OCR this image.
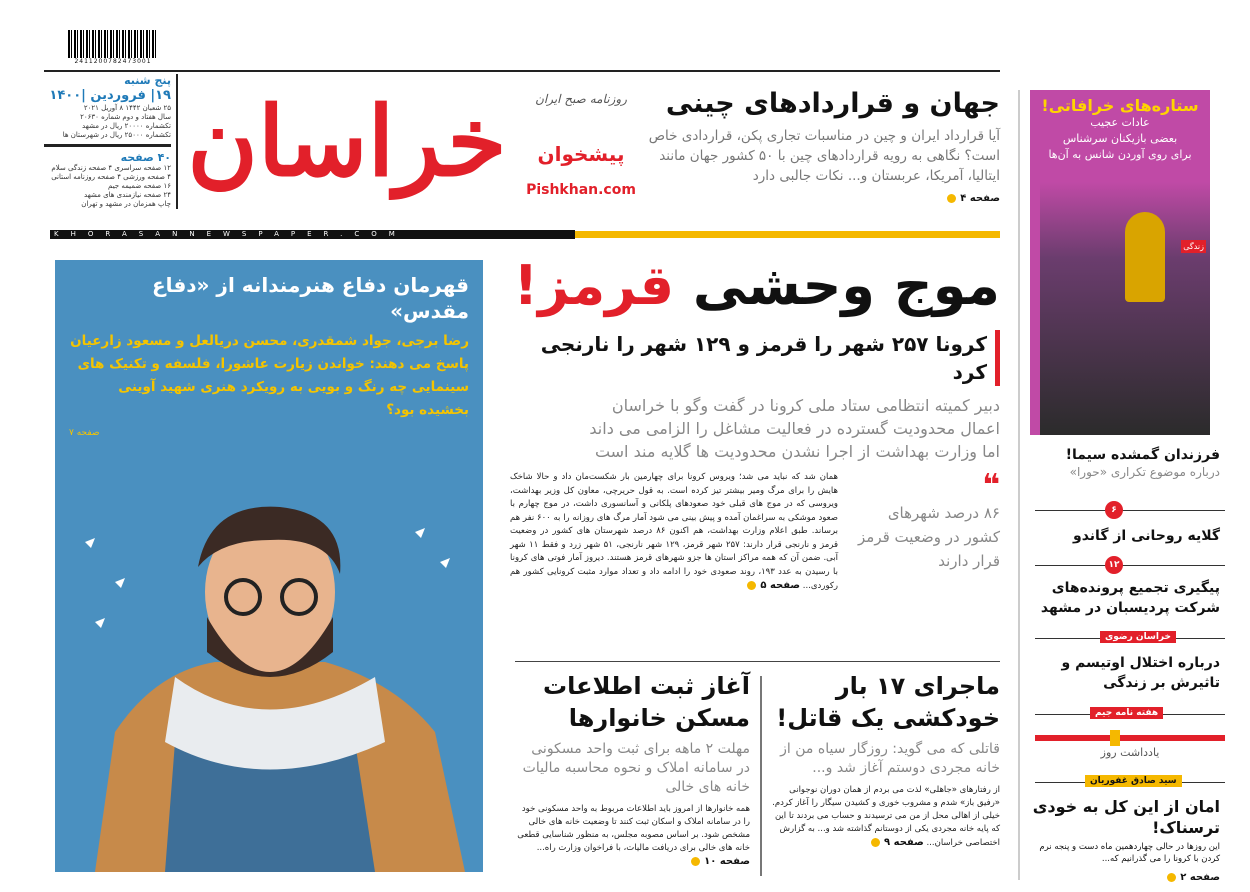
2411200782473001
پنج شنبه
۱۹| فروردین |۱۴۰۰
۲۵ شعبان ۱۴۴۲ ۸ آوریل ۲۰۲۱
سال هفتاد و دوم شماره ۲۰۶۳۰
تکشماره ۲۰۰۰۰ ریال در مشهد
تکشماره ۲۵۰۰۰ ریال در شهرستان ها
۴۰ صفحه
۱۲ صفحه سراسری ۴ صفحه زندگی سلام
۴ صفحه ورزشی ۴ صفحه روزنامه استانی
۱۶ صفحه ضمیمه جیم
۲۴ صفحه نیازمندی های مشهد
چاپ همزمان در مشهد و تهران
خراسان	روزنامه صبح ایران
پیشخوان
Pishkhan.com
جهان و قراردادهای چینی

آیا قرارداد ایران و چین در مناسبات تجاری پکن، قراردادی خاص است؟ نگاهی به رویه قراردادهای چین با ۵۰ کشور جهان مانند ایتالیا، آمریکا، عربستان و... نکات جالبی دارد

صفحه ۴
KHORASANNEWSPAPER.COM
ستاره‌های خرافاتی!
عادات عجیب
بعضی بازیکنان سرشناس
برای روی آوردن شانس به آن‌ها
زندگی
فرزندان گمشده سیما!
درباره موضوع تکراری «حورا»
۶
گلایه روحانی از گاندو
۱۲
پیگیری تجمیع پرونده‌های شرکت پردیسبان در مشهد
خراسان رضوی
درباره اختلال اوتیسم و تاثیرش بر زندگی
هفته نامه جیم
یادداشت روز
سید صادق غفوریان
امان از این کل به خودی ترسناک!
این روزها در حالی چهاردهمین ماه دست و پنجه نرم کردن با کرونا را می گذرانیم که...
صفحه ۲
قهرمان دفاع هنرمندانه از «دفاع مقدس»
رضا برجی، جواد شمقدری، محسن دریالعل و مسعود زارعیان پاسخ می دهند: خواندن زیارت عاشورا، فلسفه و تکنیک های سینمایی چه رنگ و بویی به رویکرد هنری شهید آوینی بخشیده بود؟
صفحه ۷
موج وحشی قرمز!
کرونا ۲۵۷ شهر را قرمز و ۱۲۹ شهر را نارنجی کرد
دبیر کمیته انتظامی ستاد ملی کرونا در گفت وگو با خراسان
اعمال محدودیت گسترده در فعالیت مشاغل را الزامی می داند
اما وزارت بهداشت از اجرا نشدن محدودیت ها گلایه مند است
❝
۸۶ درصد شهرهای کشور در وضعیت قرمز قرار دارند
همان شد که نباید می شد؛ ویروس کرونا برای چهارمین بار شکست‌مان داد و حالا شاخک هایش را برای مرگ ومیر بیشتر تیز کرده است. به قول حریرچی، معاون کل وزیر بهداشت، ویروسی که در موج های قبلی خود صعودهای پلکانی و آسانسوری داشت، در موج چهارم با صعود موشکی به سراغمان آمده و پیش بینی می شود آمار مرگ های روزانه را به ۶۰۰ نفر هم برساند. طبق اعلام وزارت بهداشت، هم اکنون ۸۶ درصد شهرستان های کشور در وضعیت قرمز و نارنجی قرار دارند: ۲۵۷ شهر قرمز، ۱۲۹ شهر نارنجی، ۵۱ شهر زرد و فقط ۱۱ شهر آبی. ضمن آن که همه مراکز استان ها جزو شهرهای قرمز هستند. دیروز آمار فوتی های کرونا با رسیدن به عدد ۱۹۳، روند صعودی خود را ادامه داد و تعداد موارد مثبت کرونایی کشور هم رکوردی... صفحه ۵
ماجرای ۱۷ بار خودکشی یک قاتل!
قاتلی که می گوید: روزگار سیاه من از خانه مجردی دوستم آغاز شد و...
از رفتارهای «جاهلی» لذت می بردم از همان دوران نوجوانی «رفیق باز» شدم و مشروب خوری و کشیدن سیگار را آغاز کردم. خیلی از اهالی محل از من می ترسیدند و حساب می بردند تا این که پایه خانه مجردی یکی از دوستانم گذاشته شد و... به گزارش اختصاصی خراسان... صفحه ۹
آغاز ثبت اطلاعات مسکن خانوارها
مهلت ۲ ماهه برای ثبت واحد مسکونی در سامانه املاک و نحوه محاسبه مالیات خانه های خالی
همه خانوارها از امروز باید اطلاعات مربوط به واحد مسکونی خود را در سامانه املاک و اسکان ثبت کنند تا وضعیت خانه های خالی مشخص شود. بر اساس مصوبه مجلس، به منظور شناسایی قطعی خانه های خالی برای دریافت مالیات، با فراخوان وزارت راه... صفحه ۱۰
